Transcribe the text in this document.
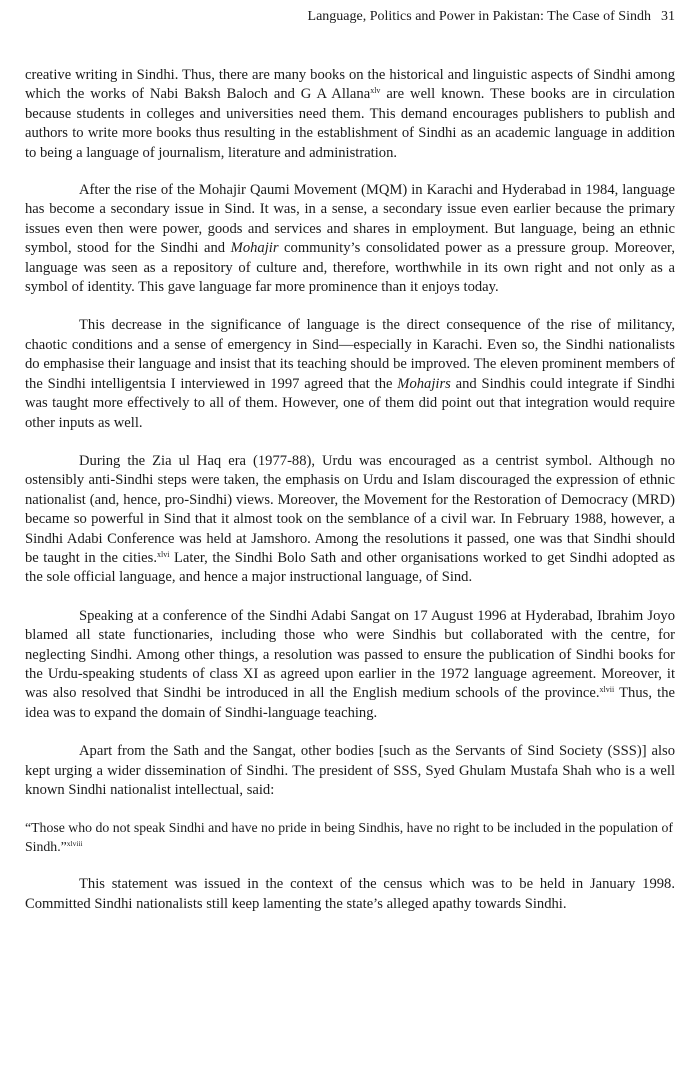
Language, Politics and Power in Pakistan: The Case of Sindh 31

creative writing in Sindhi. Thus, there are many books on the historical and linguistic aspects of Sindhi among which the works of Nabi Baksh Baloch and G A Allana$^{xlv}$ are well known. These books are in circulation because students in colleges and universities need them. This demand encourages publishers to publish and authors to write more books thus resulting in the establishment of Sindhi as an academic language in addition to being a language of journalism, literature and administration.

After the rise of the Mohajir Qaumi Movement (MQM) in Karachi and Hyderabad in 1984, language has become a secondary issue in Sind. It was, in a sense, a secondary issue even earlier because the primary issues even then were power, goods and services and shares in employment. But language, being an ethnic symbol, stood for the Sindhi and Mohajir community’s consolidated power as a pressure group. Moreover, language was seen as a repository of culture and, therefore, worthwhile in its own right and not only as a symbol of identity. This gave language far more prominence than it enjoys today.

This decrease in the significance of language is the direct consequence of the rise of militancy, chaotic conditions and a sense of emergency in Sind—especially in Karachi. Even so, the Sindhi nationalists do emphasise their language and insist that its teaching should be improved. The eleven prominent members of the Sindhi intelligentsia I interviewed in 1997 agreed that the Mohajirs and Sindhis could integrate if Sindhi was taught more effectively to all of them. However, one of them did point out that integration would require other inputs as well.

During the Zia ul Haq era (1977-88), Urdu was encouraged as a centrist symbol. Although no ostensibly anti-Sindhi steps were taken, the emphasis on Urdu and Islam discouraged the expression of ethnic nationalist (and, hence, pro-Sindhi) views. Moreover, the Movement for the Restoration of Democracy (MRD) became so powerful in Sind that it almost took on the semblance of a civil war. In February 1988, however, a Sindhi Adabi Conference was held at Jamshoro. Among the resolutions it passed, one was that Sindhi should be taught in the cities.$^{xlvi}$ Later, the Sindhi Bolo Sath and other organisations worked to get Sindhi adopted as the sole official language, and hence a major instructional language, of Sind.

Speaking at a conference of the Sindhi Adabi Sangat on 17 August 1996 at Hyderabad, Ibrahim Joyo blamed all state functionaries, including those who were Sindhis but collaborated with the centre, for neglecting Sindhi. Among other things, a resolution was passed to ensure the publication of Sindhi books for the Urdu-speaking students of class XI as agreed upon earlier in the 1972 language agreement. Moreover, it was also resolved that Sindhi be introduced in all the English medium schools of the province.$^{xlvii}$ Thus, the idea was to expand the domain of Sindhi-language teaching.

Apart from the Sath and the Sangat, other bodies [such as the Servants of Sind Society (SSS)] also kept urging a wider dissemination of Sindhi. The president of SSS, Syed Ghulam Mustafa Shah who is a well known Sindhi nationalist intellectual, said:

“Those who do not speak Sindhi and have no pride in being Sindhis, have no right to be included in the population of Sindh.”$^{xlviii}$

This statement was issued in the context of the census which was to be held in January 1998. Committed Sindhi nationalists still keep lamenting the state’s alleged apathy towards Sindhi.
